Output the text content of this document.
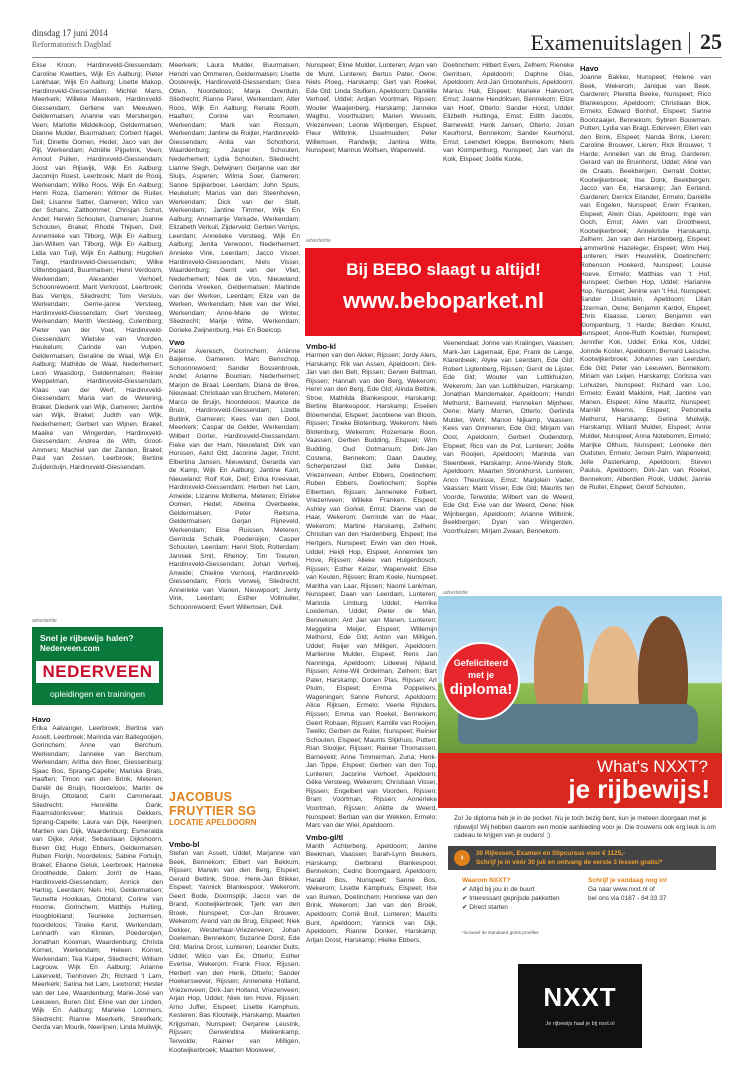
dinsdag 17 juni 2014
Reformatorisch Dagblad	Examenuitslagen 25

Elise Kroon, Hardinxveld-Giessendam; Caroline Kwetters, Wijk En Aalburg; Pieter Lankhaar, Wijk En Aalburg; Lisette Makop, Hardinxveld-Giessendam; Michiel Mans, Meerkerk; Willeke Meerkerk, Hardinxveld-Giessendam; Gerliene van Meeuwen, Geldermalsen; Arianne van Mersbergen, Veen; Marlotte Middelkoop, Geldermalsen; Dianne Mulder, Buurmalsen; Corbert Nagel, Tuil; Dinette Oomen, Hedel; Jaco van der Pijl, Werkendam; Adriëlle Pijpelink, Veen; Arnout Pullen, Hardinxveld-Giessendam; Joost van Rijswijk, Wijk En Aalburg; Jacomijn Roest, Leerbroek; Marit de Rooij, Werkendam; Wilko Roos, Wijk En Aalburg; Henri Roza, Gameren; Wilmer de Ruiter, Deil; Lisanne Satter, Gameren; Wilco van der Schans, Zaltbommel; Chrisjan Schot, Andel; Herwin Schouten, Gameren; Joanne Schouten, Brakel; Rhodé Thijsen, Deil; Annemieke van Tilborg, Wijk En Aalburg; Jan-Willem van Tilborg, Wijk En Aalburg; Lidia van Tuijl, Wijk En Aalburg; Hugolien Twigt, Hardinxveld-Giessendam; Wilke Uittenbogaard, Buurmalsen; Henri Verdoorn, Werkendam; Alexander Verhoef, Schoonrewoerd; Marit Verkroost, Leerbroek; Bas Verrips, Sliedrecht; Tom Versluis, Werkendam; Gerrie-janne Versteeg, Hardinxveld-Giessendam; Gert Versteeg, Werkendam; Merith Versteeg, Culemborg; Pieter van der Voet, Hardinxveld-Giessendam; Wietske van Voorden, Heukelum; Carinde van Vulpen, Geldermalsen; Geraline de Waal, Wijk En Aalburg; Mathilde de Waal, Nederhemert; Leon Waasdorp, Geldermalsen; Reinier Weppelman, Hardinxveld-Giessendam; Klaas van der Werf, Hardinxveld-Giessendam; Maria van de Wetering, Brakel; Diederik van Wijk, Gameren; Jantine van Wijk, Brakel; Judith van Wijk, Nederhemert; Gerbert van Wijnen, Brakel; Maaike van Wingerden, Hardinxveld-Giessendam; Andrea de With, Groot-Ammers; Machiel van der Zanden, Brakel; Paul van Zessen, Leerbroek; Bertine Zuijderduijn, Hardinxveld-Giessendam.

advertentie
Snel je rijbewijs halen?
Nederveen.com
NEDERVEEN
opleidingen en trainingen
Havo

Erika Aalvanger, Leerbroek; Bertina van Asselt, Leerbroek; Marinda van Ballegooijen, Gorinchem; Anne van Berchum, Werkendam; Janneke van Berchum, Werkendam; Aritha den Boer, Giessenburg; Sjaac Bos, Sprang-Capelle; Mariska Brals, Haaften; Timon van den Brink, Meteren; Daniël de Bruijn, Noordeloos; Martin de Bruijn, Ottoland; Carin Cammeraat, Sliedrecht; Henriëtte Dank, Raamsdonksveer; Marinus Dekkers, Sprang-Capelle; Laura van Dijk, Neerijnen; Martien van Dijk, Waardenburg; Esmeralda van Dijke, Arkel; Sebastiaan Dijkshoorn, Buren Gld; Hugo Ebbers, Geldermalsen; Ruben Florijn, Noordeloos; Sabine Fortuijn, Brakel; Elianne Geluk, Leerbroek; Hanneke Groothedde, Dalem; Jorrit de Haas, Hardinxveld-Giessendam; Annick den Hartog, Leerdam; Nels Hol, Geldermalsen; Teunette Hooikaas, Ottoland; Corine van Hoorne, Gorinchem; Matthijs Huiting, Hoogblokland; Teunieke Jochemsen, Noordeloos; Tineke Kerst, Werkendam; Lennarth van Klinken, Poederoijen; Jonathan Kooiman, Waardenburg; Christa Kornet, Werkendam; Heleen Kornet, Werkendam; Tea Kuiper, Sliedrecht; William Lagrouw, Wijk En Aalburg; Arianne Lakerveld, Tienhoven Zh; Richard 't Lam, Meerkerk; Sarina het Lam, Lexmond; Hester van der Lee, Waardenburg; Marie-José van Leeuwen, Buren Gld; Eline van der Linden, Wijk En Aalburg; Marieke Lommers, Sliedrecht; Rianne Meerkerk, Streefkerk; Gerda van Mourik, Neerijnen; Linda Muilwijk,

Meerkerk; Laura Mulder, Buurmalsen; Hendri van Ommeren, Geldermalsen; Lisette Oosterwijk, Hardinxveld-Giessendam; Gera Otten, Noordeloos; Marja Overduin, Sliedrecht; Rianne Parel, Werkendam; Alter Roos, Wijk En Aalburg; Renate Rooth, Haaften; Corine van Rosmalen, Werkendam; Mark van Rossum, Werkendam; Jantine de Ruijter, Hardinxveld-Giessendam; Anita van Schothorst, Waardenburg; Jasper Schouten, Nederhemert; Lydia Schouten, Sliedrecht; Lianne Slegh, Delwijnen; Gerjanne van der Sluijs, Asperen; Wilma Soer, Gameren; Sanne Spijkerboer, Leerdam; John Spuls, Heukelum; Marius van den Steenhoven, Werkendam; Dick van der Stelt, Werkendam; Jantine Timmer, Wijk En Aalburg; Annemarije Verkade, Werkendam; Elizabeth Verkuil, Zijderveld; Gerben Verrips, Leerdam; Annelieke Versteeg, Wijk En Aalburg; Jenita Verwoorn, Nederhemert; Annieke Vink, Leerdam; Jacco Visser, Hardinxveld-Giessendam; Niels Visser, Waardenburg; Gerrit van der Vliet, Nederhemert; Niek de Vos, Nieuwland; Gerinda Vreeken, Geldermalsen; Marlinde van der Werken, Leerdam; Elize van de Werken, Werkendam; Niek van der Wiel, Werkendam; Anne-Marie de Winter, Sliedrecht; Marije Witte, Werkendam; Dorieke Zwijnenburg, Hei- En Boeicop.

Vwo

Pieter Averesch, Gorinchem; Ariënne Baijense, Gameren; Marc Benschop, Schoonrewoerd; Sander Bossenbroek, Andel; Arianne Bouman, Nederhemert; Marjon de Braal, Leerdam; Diana de Bree, Nieuwaal; Christiaan van Bruchem, Meteren; Marco de Bruijn, Noordeloos; Maurice de Bruin, Hardinxveld-Giessendam; Lizette Buitink, Gameren; Kees van den Dool, Meerkerk; Caspar de Gelder, Werkendam; Wilbert Gorter, Hardinxveld-Giessendam; Fieke van der Ham, Nieuwland; Dirk van Horssen, Aalst Gld; Jacorine Jager, Tricht; Elbertina Jansen, Nieuwland; Gerarda van de Kamp, Wijk En Aalburg; Jantine Kant, Nieuwland; Rolf Kok, Deil; Erika Kreevaar, Hardinxveld-Giessendam; Herben het Lam, Ameide; Lizanne Mollema, Meteren; Elrieke Oomen, Hedel; Abelina Overbeeke, Geldermalsen; Peter Reitsma, Geldermalsen; Gerjan Rijneveld, Werkendam; Elise Ruissen, Meteren; Gerrinda Schalk, Poederoijen; Casper Schouten, Leerdam; Henri Slob, Rotterdam; Janniek Smit, Rhenoy; Tim Treuren, Hardinxveld-Giessendam; Johan Verheij, Ameide; Chieline Vernooij, Hardinxveld-Giessendam; Floris Verweij, Sliedrecht; Annerieke van Vianen, Nieuwpoort; Jenty Vink, Leerdam; Esther Vollmuller, Schoonrewoerd; Evert Willemsen, Deil.

JACOBUS
FRUYTIER SG
LOCATIE APELDOORN
Vmbo-bl

Stefan van Asselt, Uddel; Marjanne van Beek, Bennekom; Elbert van Bekkum, Rijssen; Marwin van den Berg, Elspeet; Gerard Bettink, Stroe; Henk-Jan Blikker, Elspeet; Yannick Blankespoor, Wekerom; Geert Bode, Doornspijk; Jacco van de Brand, Kootwijkerbroek; Tjerk van den Broek, Nunspeet; Cor-Jan Brouwer, Wekerom; Arend van de Brug, Elspeet; Niek Dekker, Westerhaar-Vriezenveen; Johan Doeleman, Bennekom; Suzanne Dorst, Ede Gld; Marina Drost, Lunteren; Leander Duits, Uddel; Wilco van Ee, Otterlo; Esther Evertse, Wekerom; Frank Floor, Rijssen; Herbert van den Herik, Otterlo; Sander Hoekerswever, Rijssen; Annerieke Holland, Vriezenveen; Dirk-Jan Holland, Vriezenveen; Arjan Hop, Uddel; Niek ten Hove, Rijssen; Arno Juffer, Elspeet; Lisette Kamphuis, Kesteren; Bas Klootwijk, Harskamp; Maarten Krijgsman, Nunspeet; Gerjanne Leusink, Rijssen; Gerwendina Meikenkamp, Terwolde; Rainier van Milligen, Kootwijkerbroek; Maarten Mooiweer,

Nunspeet; Eline Mulder, Lunteren; Arjan van de Munt, Lunteren; Bertus Pater, Oene; Niels Ploeg, Harskamp; Gert van Roekel, Ede Gld; Linda Stufken, Apeldoorn; Daniëlle Verhoef, Uddel; Ardjan Voortman, Rijssen; Wouter Waaijenberg, Harskamp; Janneke Wagtho, Voorthuizen; Marien Wessels, Vriezenveen; Leonie Wijnbergen, Elspeet; Fleur Wilbrink, IJsselmuiden; Peter Willemsen, Randwijk; Jantina Witte, Nunspeet; Marinus Wolfsen, Wapenveld.

Doetinchem; Hilbert Evers, Zelhem; Rieneke Gerritsen, Apeldoorn; Daphne Glas, Apeldoorn; Ard-Jan Grootenhuis, Apeldoorn; Marius Hak, Elspeet; Marieke Hakvoort, Emst; Joanne Hendriksen, Bennekom; Elize van Hoef, Otterlo; Sander Horst, Uddel; Elizbeth Huttinga, Emst; Edith Jacobs, Barneveld; Henk Jansen, Otterlo; Josan Keurhorst, Bennekom; Sander Keurhorst, Emst; Leendert Kleppe, Bennekom; Niels van Klompenburg, Nunspeet; Jan van de Kolk, Elspeet; Joëlle Koole,

advertentie
Bij BEBO slaagt u altijd!
www.beboparket.nl
Vmbo-kl

Harmen van den Akker, Rijssen; Jordy Alers, Harskamp; Rik van Assen, Apeldoorn; Dirk-Jan van den Belt, Rijssen; Gerwin Beltman, Rijssen; Hannah van den Berg, Wekerom; Henri van den Berg, Ede Gld; Alinda Bettink, Stroe; Mathilda Blankespoor, Harskamp; Bertine Blankespoor, Harskamp; Eiselien Bloemendal, Elspeet; Jacobiene van Bloois, Rijssen; Tineke Blotenburg, Wekerom; Niels Blotenburg, Wekerom; Rozemarie Boon, Vaassen; Gerben Budding, Elspeet; Wim Budding, Oud Ootmarsum; Dirk-Jan Costena, Bennekom; Daan Daudey, Scherpenzeel Gld; Jelle Dekker, Vriezenveen; Amber Ebbers, Doetinchem; Ruben Ebbers, Doetinchem; Sophie Elbertsen, Rijssen; Janneneke Folbert, Vriezenveen; Willeke Franken, Elspeet; Ashley van Gorkel, Emst; Dianne van de Haar, Wekerom; Gerrinde van de Haar, Wekerom; Martine Harskamp, Zelhem; Christian van den Hardenberg, Elspeet; Ilse Hertgers, Nunspeet; Erwin van den Hoek, Uddel; Heidi Hop, Elspeet; Annemiek ten Hove, Rijssen; Alieke van Huigenbosch, Rijssen; Esther Keizer, Wapenveld; Elise van Keulen, Rijssen; Bram Koele, Nunspeet; Maritha van Laar, Rijssen; Naomi Lankman, Nunspeet; Daan van Leerdam, Lunteren; Marinda Limburg, Uddel; Henrike Loedeman, Uddel; Pieter de Man, Bennekom; Ard Jan van Manen, Lunteren; Meggelina Meijer, Elspeet; Willemijn Methorst, Ede Gld; Anton van Milligen, Uddel; Reijer van Milligen, Apeldoorn; Marlienne Mulder, Elspeet; Rens Jan Nanninga, Apeldoorn; Lideewij Nijland, Rijssen; Anne-Wil Ordelman, Zelhem; Bart Pater, Harskamp; Dorien Plas, Rijssen; Art Pluim, Elspeet; Emma Poppeliers, Wageningen; Sanne Rehorst, Apeldoorn; Alice Rijksen, Ermelo; Veerle Rijnders, Rijssen; Emma van Roekel, Bennekom; Geert Rohaan, Rijssen; Kamille van Rooijen, Twello; Gerben de Ruiter, Nunspeet; Reinier Schouten, Elspeet; Maurits Slijkhuis, Putten; Rian Slooijer, Rijssen; Reinier Thomassen, Barneveld; Anne Timmerman, Zuna; Henk-Jan Tippe, Elspeet; Gerben van den Top, Lunteren; Jacorine Verhoef, Apeldoorn; Gëke Versteeg, Wekerom; Christiaan Visser, Rijssen; Engelbert van Voorden, Rijssen; Bram Voortman, Rijssen; Annerieke Voortman, Rijssen; Ariëtte de Weerd, Nunspeet; Bertian van der Wekken, Ermelo; Marc van der Wiel, Apeldoorn.

Vmbo-gl/tl

Marith Achterberg, Apeldoorn; Janine Beekman, Vaassen; Sarah-Lynn Beukers, Harskamp; Gerbrand Blankespoor, Bennekom; Cedric Boomgaard, Apeldoorn; Harald Bos, Nunspeet; Sanne Bos, Wekerom; Lisette Kamphuis, Elspeet; Ilse van Burken, Doetinchem; Henrieke van den Brink, Wekerom; Jari van den Broek, Apeldoorn; Cornë Bruil, Lunteren; Maurits Bunt, Apeldoorn; Yannick van Dijk, Apeldoorn; Rianne Donker, Harskamp; Artjan Drost, Harskamp; Hielke Ebbers,

Veenendaal; Jorine van Kralingen, Vaassen; Mark-Jan Lagemaat, Epe; Frank de Lange, Klarenbeek; Alyke van Leerdam, Ede Gld; Robert Ligtenberg, Rijssen; Gerrit de Lijster, Ede Gld; Wouter van Luttikhuizen, Wekerom; Jan van Luttikhuizen, Harskamp; Jonathan Mandemaker, Apeldoorn; Hendri Methorst, Barneveld; Henneken Mijnheer, Oene; Marty Morren, Otterlo; Gerlinda Mulder, Wehl; Manon Nijkamp, Vaassen; Kees van Ommeren, Ede Gld; Mirjam van Oost, Apeldoorn; Gerbert Oudendorp, Elspeet; Rico van de Pol, Lunteren; Joëlle van Rooijen, Apeldoorn; Marinda van Steenbeek, Harskamp; Anne-Wendy Stolk, Apeldoorn; Maarten Stronkhorst, Lunteren; Anco Theunisse, Emst; Marjolein Vader, Vaassen; Marit Visser, Ede Gld; Maurits ten Voorde, Terwolde; Wilbert van de Weerd, Ede Gld; Evie van der Weerd, Oene; Niek Wijnbergen, Apeldoorn; Arianne Wilbrink, Beekbergen; Dyan van Wingerden, Voorthuizen; Mirjam Zwaan, Bennekom.

Havo

Joanne Bakker, Nunspeet; Helene van Beek, Wekerom; Janique van Beek, Garderen; Pleretta Beeke, Nunspeet; Rico Blankespoor, Apeldoorn; Christiaan Blok, Ermelo; Edward Bonhof, Elspeet; Sanne Boonzaaijer, Bennekom; Sybren Bouwman, Putten; Lydia van Bragt, Ederveen; Ellen van den Brink, Elspeet; Nanda Brink, Lieren; Caroline Brouwer, Lieren; Rick Brouwer, 't Harde; Annelien van de Brug, Garderen; Gerard van de Bruinhorst, Uddel; Aline van de Craats, Beekbergen; Gerrald Dokter, Kootwijkerbroek; Ilse Donk, Beekbergen; Jacco van Ee, Harskamp; Jan Eerland, Garderen; Derrick Eilander, Ermelo; Daniëlle van Engelen, Nunspeet; Erwin Franken, Elspeet; Alwin Glas, Apeldoorn; Inge van Goch, Emst; Alwin van Grootheest, Kootwijkerbroek; Annekristie Hanskamp, Zelhem; Jan van den Hardenberg, Elspeet; Lammertine Hazeleger, Elspeet; Wim Heij, Lunteren; Hein Heuvelink, Doetinchem; Robenson Hoekerd, Nunspeet; Louise Hoeve, Ermelo; Matthias van 't Hof, Nunspeet; Gerben Hop, Uddel; Harianne Hop, Nunspeet; Jenine van 't Hul, Nunspeet; Sander IJsselstein, Apeldoorn; Lilian IJzerman, Oene; Benjamin Kardol, Elspeet; Chris Klaasse, Lieren; Benjamin van Klompenburg, 't Harde; Berdien Knulst, Nunspeet; Anne-Ruth Koetsier, Nunspeet; Jennifer Kok, Uddel; Erika Kok, Uddel; Jorinde Koster, Apeldoorn; Bernard Lassche, Kootwijkerbroek; Johannes van Leerdam, Ede Gld; Peter van Leeuwen, Bennekom; Miriam van Leijen, Harskamp; Corlissa van Lohuizen, Nunspeet; Richard van Loo, Ermelo; Ewald Makkink, Hall; Jantine van Manen, Elspeet; Aline Mauritz, Nunspeet; Marriët Meems, Elspeet; Petronella Methorst, Harskamp; Gerina Muilwijk, Harskamp; Willard Mulder, Elspeet; Anne Mulder, Nunspeet; Anna Notebomm, Ermelo; Marijke Olthuis, Nunspeet; Lenneke den Oudsten, Ermelo; Jeroen Palm, Wapenveld; Jelle Pasterkamp, Apeldoorn; Steven Paulus, Apeldoorn; Dirk-Jan van Roekel, Bennekom; Alberdien Rook, Uddel; Jannie de Ruiter, Elspeet; Gerolf Schouten,

advertentie
Gefeliciteerd
met je
diploma!
What's NXXT?
je rijbewijs!
Zo! Je diploma heb je in de pocket. Nu je toch bezig bent, kun je meteen doorgaan met je rijbewijs! Wij hebben daarom een mooie aanbieding voor je. Die trouwens ook erg leuk is om cadeau te krijgen van je ouders! ;)
›	30 Rijlessen, Examen en Slipcursus voor € 1125,-
Schrijf je in vóór 30 juli en ontvang de eerste 3 lessen gratis!*
Waarom NXXT?
✔ Altijd bij jou in de buurt
✔ Interessant geprijsde pakketten
✔ Direct starten
Schrijf je vandaag nog in!
Ga naar www.nxxt.nl of
bel ons via 0187 - 84 33 37
*inclusief de standaard gratis proefles
NXXT
Je rijbewijs haal je bij nxxt.nl
